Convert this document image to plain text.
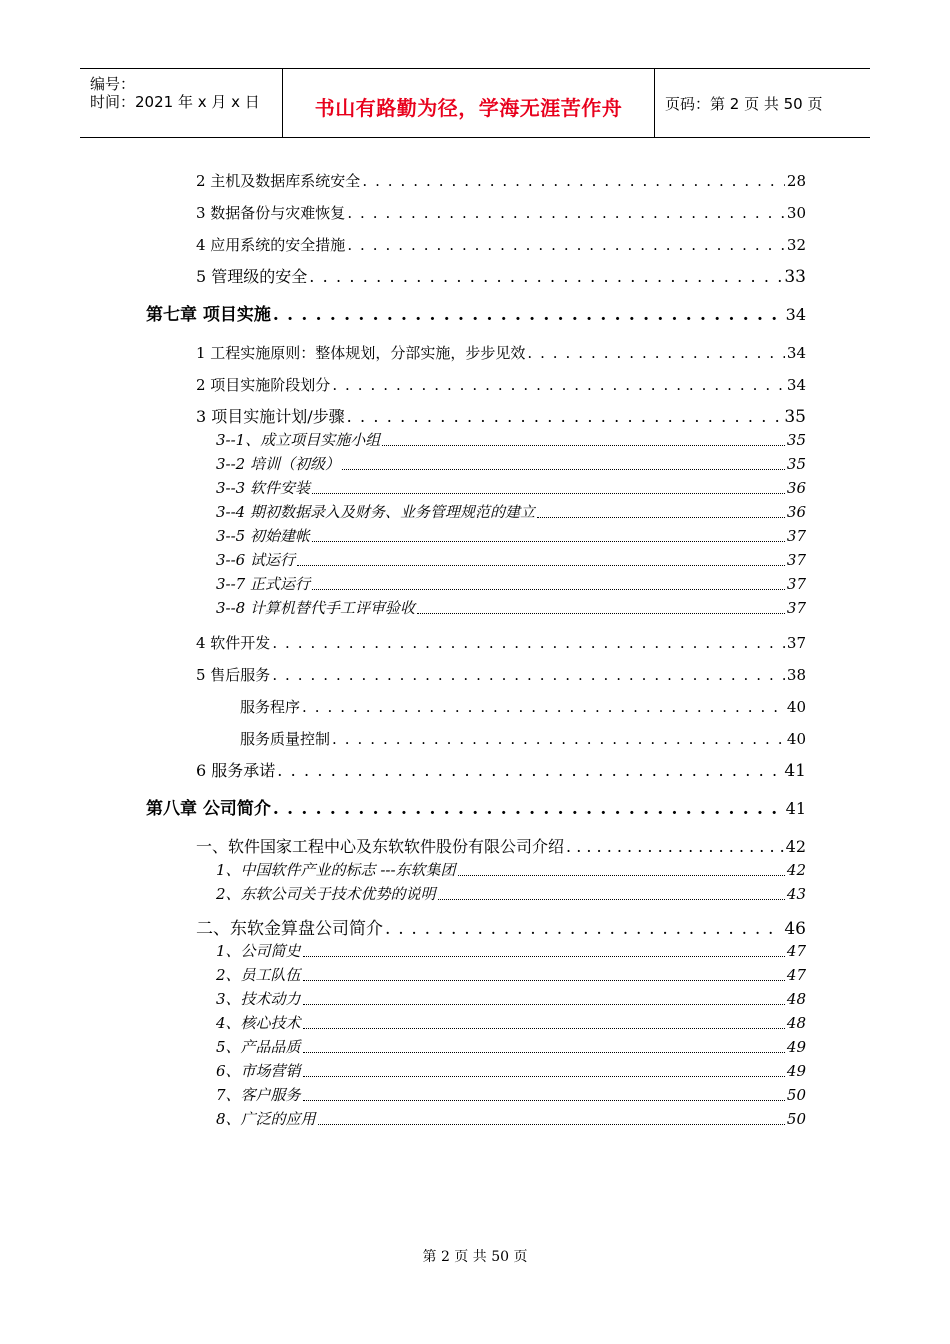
编号：
时间：2021 年 x 月 x 日	书山有路勤为径，学海无涯苦作舟	页码：第 2 页 共 50 页
2 主机及数据库系统安全 . . .	28
3 数据备份与灾难恢复 . . .	30
4 应用系统的安全措施 . . .	32
5 管理级的安全 . . .	33
第七章 项目实施 . . .	34
1 工程实施原则：整体规划，分部实施，步步见效 . . .	34
2 项目实施阶段划分 . . .	34
3 项目实施计划/步骤 . . .	35
3--1、成立项目实施小组	35
3--2 培训（初级）	35
3--3 软件安装	36
3--4 期初数据录入及财务、业务管理规范的建立	36
3--5 初始建帐	37
3--6 试运行	37
3--7 正式运行	37
3--8 计算机替代手工评审验收	37
4 软件开发 . . .	37
5 售后服务 . . .	38
服务程序 . . .	40
服务质量控制 . . .	40
6 服务承诺 . . .	41
第八章 公司简介 . . .	41
一、软件国家工程中心及东软软件股份有限公司介绍 . . .	42
1、中国软件产业的标志 ---东软集团	42
2、东软公司关于技术优势的说明	43
二、东软金算盘公司简介 . . .	46
1、公司简史	47
2、员工队伍	47
3、技术动力	48
4、核心技术	48
5、产品品质	49
6、市场营销	49
7、客户服务	50
8、广泛的应用	50
第 2 页 共 50 页
